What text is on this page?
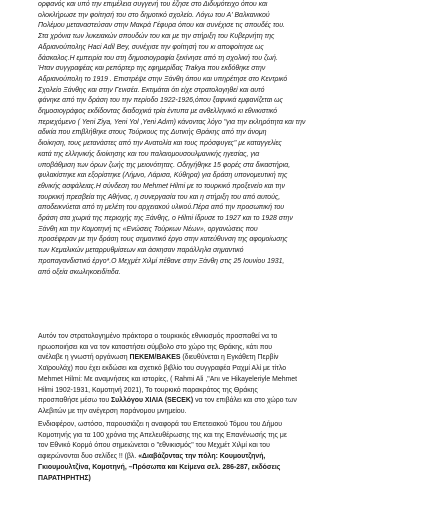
ορφανός και υπό την επιμέλεια συγγενή του έζησε στο Διδυμότειχο όπου και
ολοκλήρωσε την φοίτησή του στο δημοτικό σχολείο. Λόγω του Α' Βαλκανικού
Πολέμου μεταναστεύσαν στην Μακρά Γέφυρα όπου και συνέχισε τις σπουδές του.
Στα χρόνια των λυκειακών σπουδών του και με την στήριξη του Κυβερνήτη της
Αδριανούπολης Haci Adil Bey, συνέχισε την φοίτησή του κι αποφοίτησε ως
δάσκαλος.Η εμπειρία του στη δημοσιογραφία ξεκίνησε από τη σχολική του ζωή.
Ήταν συγγραφέας και ρεπόρτερ της εφημερίδας Trakya που εκδόθηκε στην
Αδριανούπολη το 1919 . Επιστρέψε στην Ξάνθη όπου και υπηρέτησε στο Κεντρικό
Σχολείο Ξάνθης και στην Γενισέα. Εκτιμάται ότι είχε στρατολογηθεί και αυτό
φάνηκε από την δράση του την περίοδο 1922-1926,όπου ξαφνικά εμφανίζεται ως
δημοσιογράφος εκδίδοντας διαδοχικά τρία έντυπα με ανθελληνικό κι εθνικιστικό
περιεχόμενο ( Yeni Ziya, Yeni Yol ,Yeni Adım) κάνοντας λόγο "για την εκληρότητα και την
αδικία που επιβλήθηκε στους Τούρκους της Δυτικής Θράκης από την άνομη
διοίκηση, τους μετανάστες από την Ανατολία και τους πρόσφυγες" με καταγγελίες
κατά της ελληνικής διοίκησης και του παλαιομουσουλμανικής ηγεσίας, για
υποβάθμιση των όρων ζωής της μειονότητας. Οδηγήθηκε 15 φορές στα δικαστήρια,
φυλακίστηκε και εξορίστηκε (Λήμνο, Λάρισα, Κύθηρα) για δράση υπονομευτική της
εθνικής ασφάλειας.Η σύνδεση του Mehmet Hilmi με το τουρκικό προξενείο και την
τουρκική πρεσβεία της Αθήνας, η συνεργασία του και η στήριξη του από αυτούς,
αποδεικνύεται από τη μελέτη του αρχειακού υλικού.Πέρα από την προσωπική του
δράση στα χωριά της περιοχής της Ξάνθης, ο Hilmi ίδρυσε το 1927 και το 1928 στην
Ξάνθη και την Κομοτηνή τις «Ενώσεις Τούρκων Νέων», οργανώσεις που
προσέφεραν με την δράση τους σημαντικό έργο στην κατεύθυνση της αφομοίωσης
των Κεμαλικών μεταρρυθμίσεων και άσκησαν παράλληλα σημαντικό
προπαγανδιστικό έργο*.Ο Μεχμέτ Χιλμί πέθανε στην Ξάνθη στις 25 Ιουνίου 1931,
από οξεία σκωληκοειδίτιδα.
Αυτόν τον στρατολογημένο πράκτορα ο τουρκικός εθνικισμός προσπαθεί να το
ηρωοποιήσει και να τον καταστήσει σύμβολο στο χώρο της Θράκης, κάτι που
ανέλαβε η γνωστή οργάνωση ΠΕΚΕΜ/BAKES (διευθύνεται η Εγκάθετη Περβίν
Χαϊρουλάχ) που έχει εκδώσει και σχετικό βιβλίο του συγγραφέα Ραχμί Αλί με τίτλο
Mehmet Hilmi: Με αναμνήσεις και ιστορίες, ( Rahmi Ali ,"Anı ve Hikayeleriyle Mehmet
Hilmi 1902-1931, Κομοτηνή 2021), Το τουρκικό παρακράτος της Θράκης
προσπαθήσε μέσω του Συλλόγου ΧΙΛΙΑ (SECEK) να τον επιβάλει και στο χώρο των
Αλεβιτών με την ανέγερση παράνομου μνημείου.
Ενδιαφέρον, ωστόσο, παρουσιάζει η αναφορά του Επετειακού Τόμου του Δήμου
Κομοτηνής για τα 100 χρόνια της Απελευθέρωσης της και της Επανένωσής της με
τον Εθνικό Κορμό όπου σημειώνεται ο "εθνικισμός" του Μεχμέτ Χιλμί και του
αφιερώνονται δυο σελίδες !! (βλ. «Διαβάζοντας την πόλη: Κουμουτζηνή,
Γκιουμουλτζίνα, Κομοτηνή, –Πρόσωπα και Κείμενα σελ. 286-287, εκδόσεις
ΠΑΡΑΤΗΡΗΤΗΣ)
